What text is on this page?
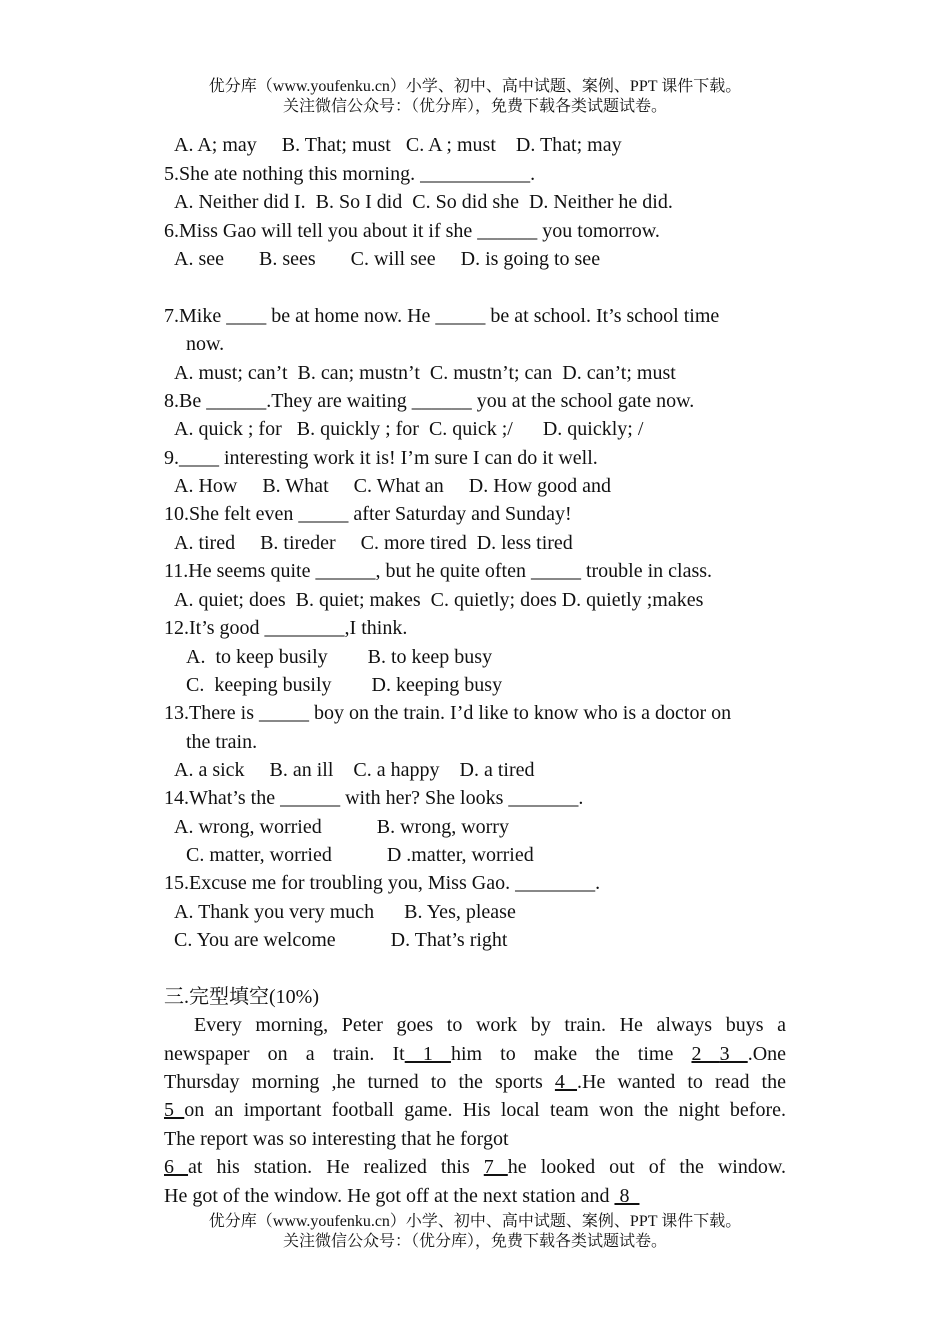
优分库（www.youfenku.cn）小学、初中、高中试题、案例、PPT 课件下载。
关注微信公众号：（优分库），免费下载各类试题试卷。
A. A; may     B. That; must   C. A ; must    D. That; may
5.She ate nothing this morning. ___________.
A. Neither did I.  B. So I did  C. So did she  D. Neither he did.
6.Miss Gao will tell you about it if she ______ you tomorrow.
A. see       B. sees       C. will see     D. is going to see
7.Mike ____ be at home now. He _____ be at school. It’s school time
now.
A. must; can’t  B. can; mustn’t  C. mustn’t; can  D. can’t; must
8.Be ______.They are waiting ______ you at the school gate now.
A. quick ; for   B. quickly ; for  C. quick ;/      D. quickly; /
9.____ interesting work it is! I’m sure I can do it well.
A. How     B. What     C. What an     D. How good and
10.She felt even _____ after Saturday and Sunday!
A. tired     B. tireder     C. more tired  D. less tired
11.He seems quite ______, but he quite often _____ trouble in class.
A. quiet; does  B. quiet; makes  C. quietly; does D. quietly ;makes
12.It’s good ________,I think.
A.  to keep busily        B. to keep busy
C.  keeping busily        D. keeping busy
13.There is _____ boy on the train. I’d like to know who is a doctor on
the train.
A. a sick     B. an ill    C. a happy    D. a tired
14.What’s the ______ with her? She looks _______.
A. wrong, worried           B. wrong, worry
C. matter, worried           D .matter, worried
15.Excuse me for troubling you, Miss Gao. ________.
A. Thank you very much      B. Yes, please
C. You are welcome           D. That’s right
三.完型填空(10%)
Every morning, Peter goes to work by train. He always buys a
newspaper on a train. It 1 him to make the time 2 3 .One
Thursday morning ,he turned to the sports 4 .He wanted to read the
5 on an important football game. His local team won the night before.
The report was so interesting that he forgot
6 at his station. He realized this 7 he looked out of the window.
He got of the window. He got off at the next station and  8
优分库（www.youfenku.cn）小学、初中、高中试题、案例、PPT 课件下载。
关注微信公众号：（优分库），免费下载各类试题试卷。
